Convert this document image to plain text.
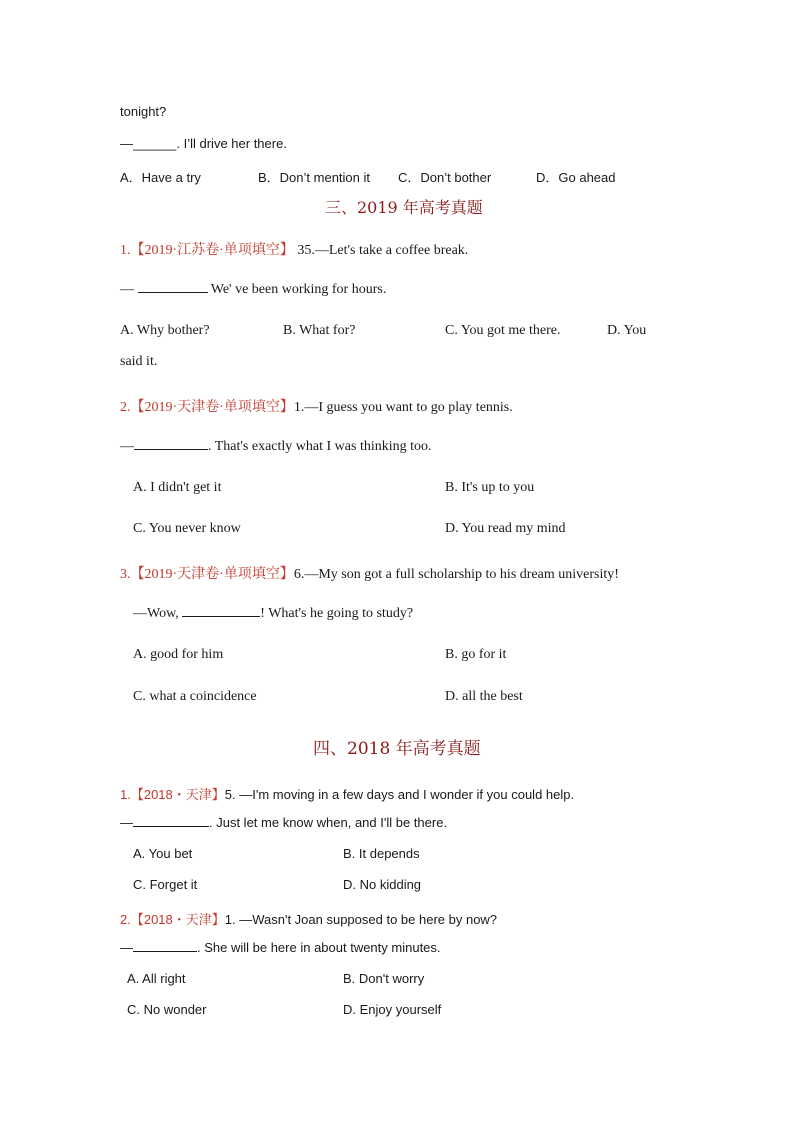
tonight?
—______. I’ll drive her there.
A．Have a try	B．Don’t mention it C．Don’t bother	D．Go ahead
三、2019 年高考真题
1.【2019·江苏卷·单项填空】 35.—Let's take a coffee break.
—	We' ve been working for hours.
A. Why bother?	B. What for?	C. You got me there.	D. You
said it.
2.【2019·天津卷·单项填空】1.—I guess you want to go play tennis.
—	. That's exactly what I was thinking too.
A. I didn't get it	B. It's up to you
C. You never know	D. You read my mind
3.【2019·天津卷·单项填空】6.—My son got a full scholarship to his dream university!
—Wow,	! What's he going to study?
A. good for him	B. go for it
C. what a coincidence	D. all the best
四、2018 年高考真题
1.【2018・天津】5. —I'm moving in a few days and I wonder if you could help.
—	. Just let me know when, and I'll be there.
A. You bet	B. It depends
C. Forget it	D. No kidding
2.【2018・天津】1. —Wasn't Joan supposed to be here by now?
—	. She will be here in about twenty minutes.
A. All right	B. Don't worry
C. No wonder	D. Enjoy yourself
